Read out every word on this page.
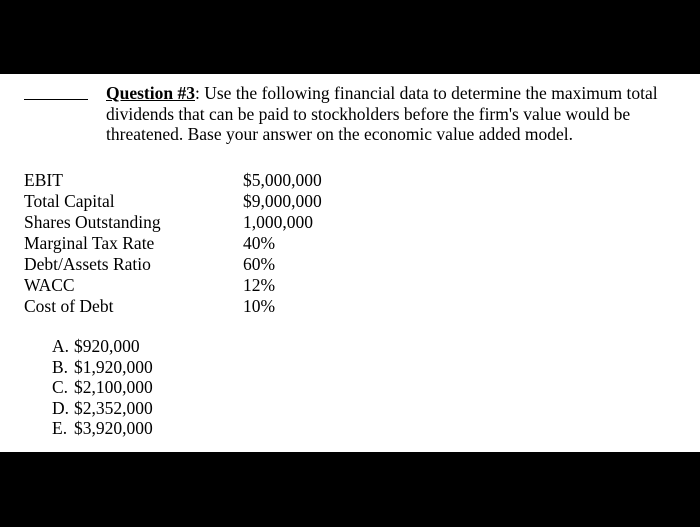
Question #3: Use the following financial data to determine the maximum total dividends that can be paid to stockholders before the firm's value would be threatened. Base your answer on the economic value added model.
EBIT	$5,000,000
Total Capital	$9,000,000
Shares Outstanding	1,000,000
Marginal Tax Rate	40%
Debt/Assets Ratio	60%
WACC	12%
Cost of Debt	10%
A. $920,000
B. $1,920,000
C. $2,100,000
D. $2,352,000
E. $3,920,000
